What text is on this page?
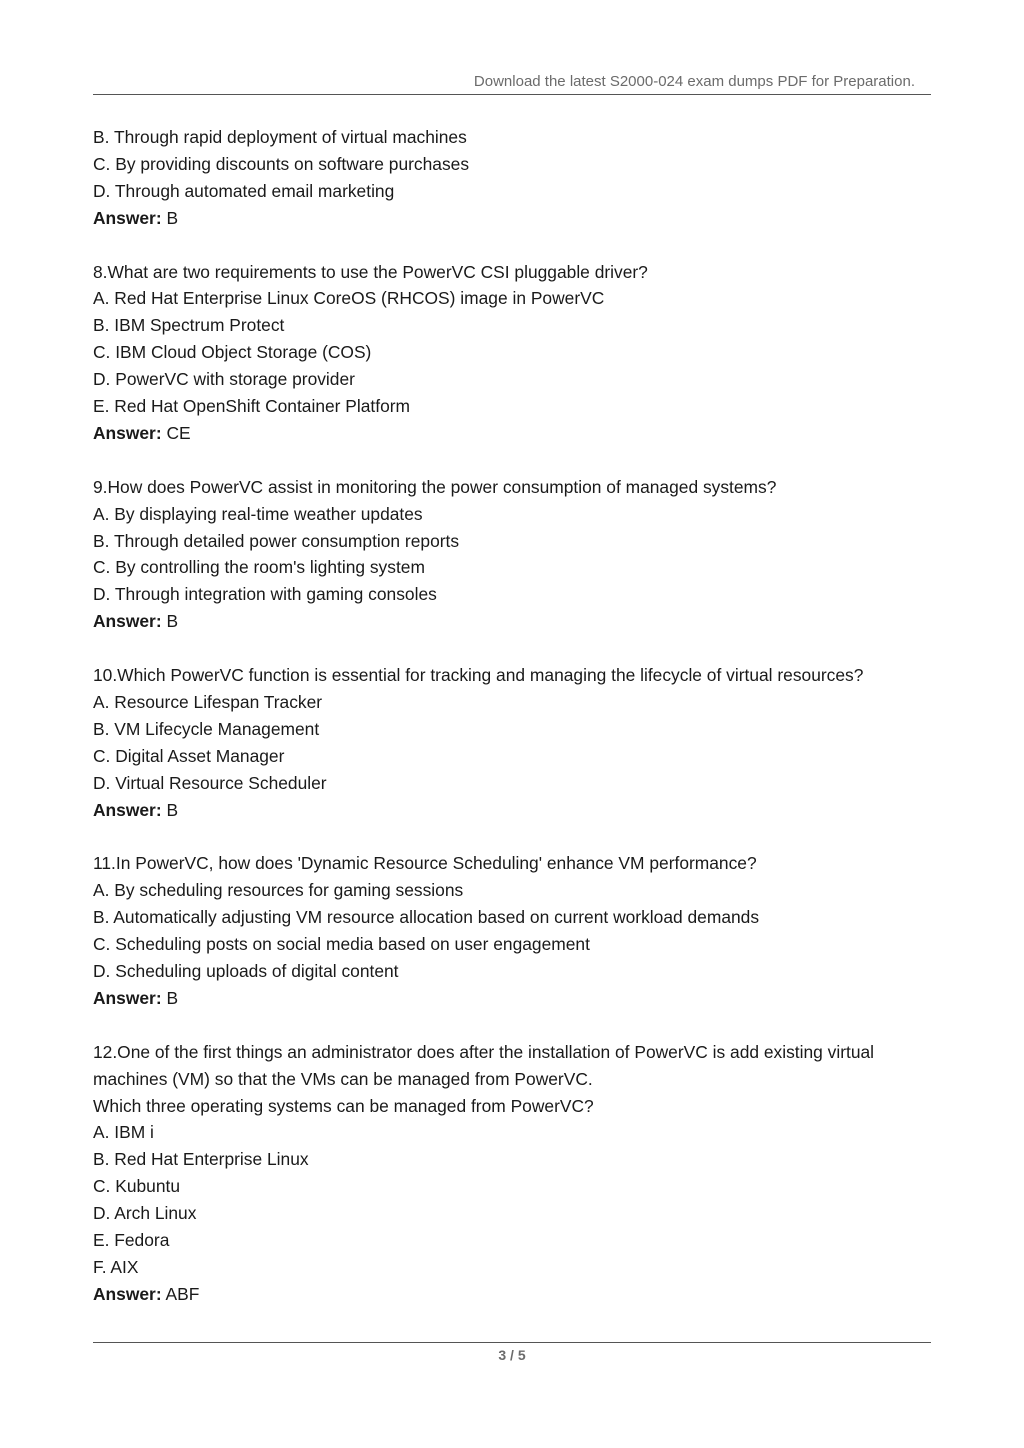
Download the latest S2000-024 exam dumps PDF for Preparation.

B. Through rapid deployment of virtual machines

C. By providing discounts on software purchases

D. Through automated email marketing

Answer: B

8.What are two requirements to use the PowerVC CSI pluggable driver?

A. Red Hat Enterprise Linux CoreOS (RHCOS) image in PowerVC

B. IBM Spectrum Protect

C. IBM Cloud Object Storage (COS)

D. PowerVC with storage provider

E. Red Hat OpenShift Container Platform

Answer: CE

9.How does PowerVC assist in monitoring the power consumption of managed systems?

A. By displaying real-time weather updates

B. Through detailed power consumption reports

C. By controlling the room's lighting system

D. Through integration with gaming consoles

Answer: B

10.Which PowerVC function is essential for tracking and managing the lifecycle of virtual resources?

A. Resource Lifespan Tracker

B. VM Lifecycle Management

C. Digital Asset Manager

D. Virtual Resource Scheduler

Answer: B

11.In PowerVC, how does 'Dynamic Resource Scheduling' enhance VM performance?

A. By scheduling resources for gaming sessions

B. Automatically adjusting VM resource allocation based on current workload demands

C. Scheduling posts on social media based on user engagement

D. Scheduling uploads of digital content

Answer: B

12.One of the first things an administrator does after the installation of PowerVC is add existing virtual machines (VM) so that the VMs can be managed from PowerVC.

Which three operating systems can be managed from PowerVC?

A. IBM i

B. Red Hat Enterprise Linux

C. Kubuntu

D. Arch Linux

E. Fedora

F. AIX

Answer: ABF

3 / 5
